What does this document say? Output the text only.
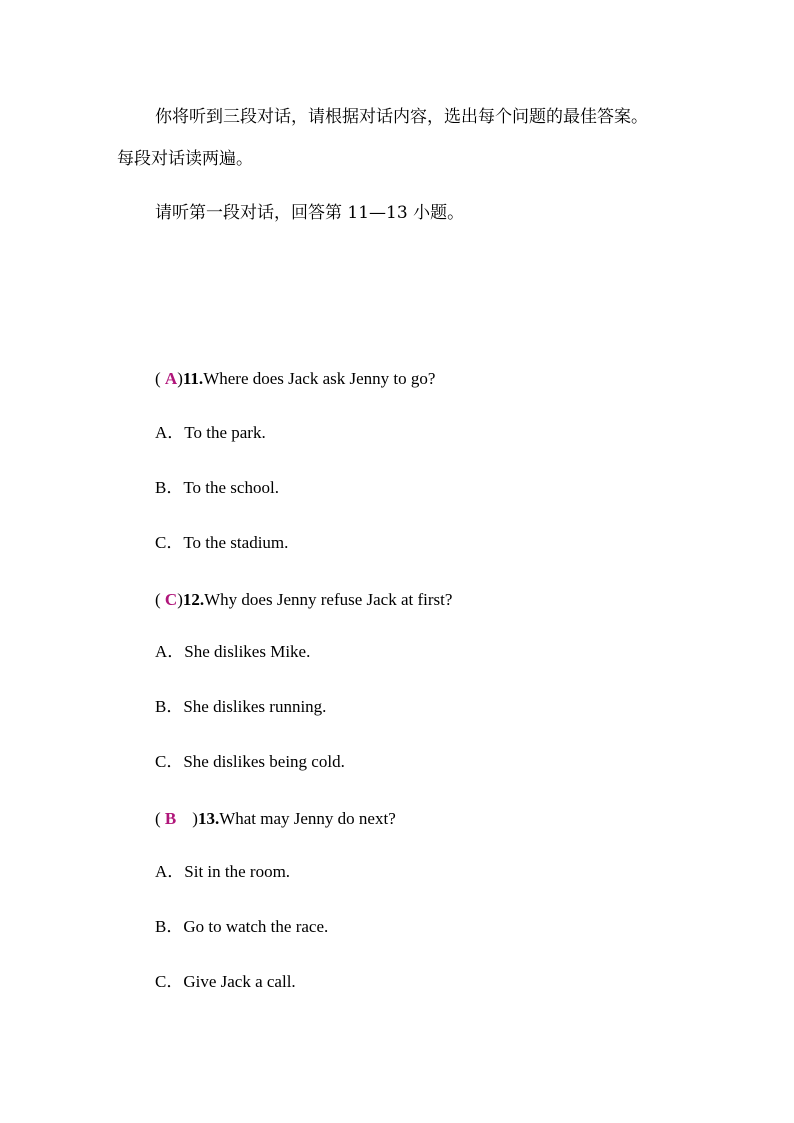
你将听到三段对话，请根据对话内容，选出每个问题的最佳答案。
每段对话读两遍。
请听第一段对话，回答第 11—13 小题。
( A)11.Where does Jack ask Jenny to go?
A．To the park.
B．To the school.
C．To the stadium.
( C)12.Why does Jenny refuse Jack at first?
A．She dislikes Mike.
B．She dislikes running.
C．She dislikes being cold.
( B )13.What may Jenny do next?
A．Sit in the room.
B．Go to watch the race.
C．Give Jack a call.
